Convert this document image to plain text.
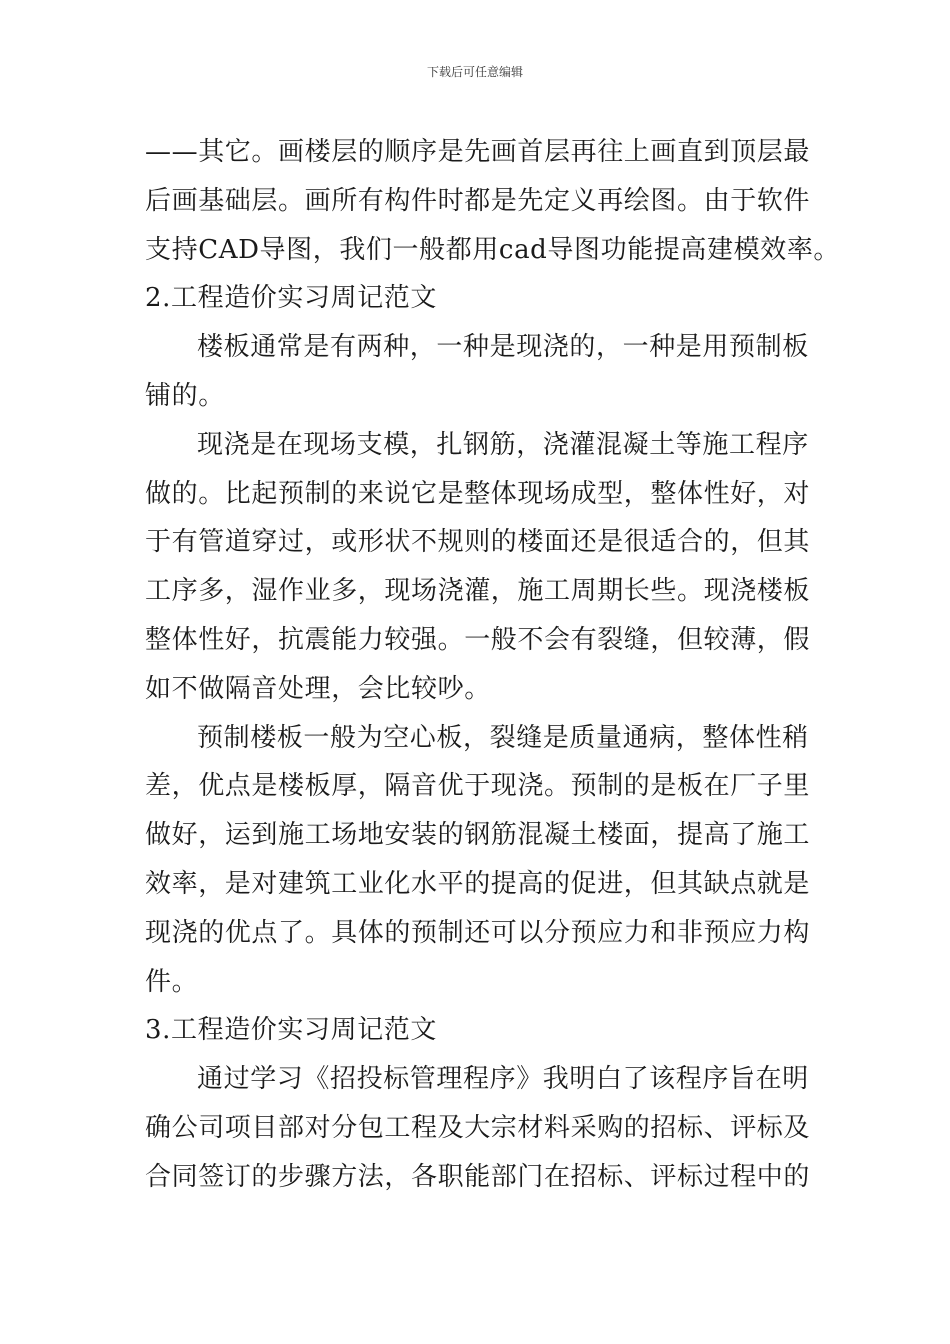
下载后可任意编辑
——其它。画楼层的顺序是先画首层再往上画直到顶层最
后画基础层。画所有构件时都是先定义再绘图。由于软件
支持CAD导图，我们一般都用cad导图功能提高建模效率。
2.工程造价实习周记范文
楼板通常是有两种，一种是现浇的，一种是用预制板
铺的。
现浇是在现场支模，扎钢筋，浇灌混凝土等施工程序
做的。比起预制的来说它是整体现场成型，整体性好，对
于有管道穿过，或形状不规则的楼面还是很适合的，但其
工序多，湿作业多，现场浇灌，施工周期长些。现浇楼板
整体性好，抗震能力较强。一般不会有裂缝，但较薄，假
如不做隔音处理，会比较吵。
预制楼板一般为空心板，裂缝是质量通病，整体性稍
差，优点是楼板厚，隔音优于现浇。预制的是板在厂子里
做好，运到施工场地安装的钢筋混凝土楼面，提高了施工
效率，是对建筑工业化水平的提高的促进，但其缺点就是
现浇的优点了。具体的预制还可以分预应力和非预应力构
件。
3.工程造价实习周记范文
通过学习《招投标管理程序》我明白了该程序旨在明
确公司项目部对分包工程及大宗材料采购的招标、评标及
合同签订的步骤方法，各职能部门在招标、评标过程中的
